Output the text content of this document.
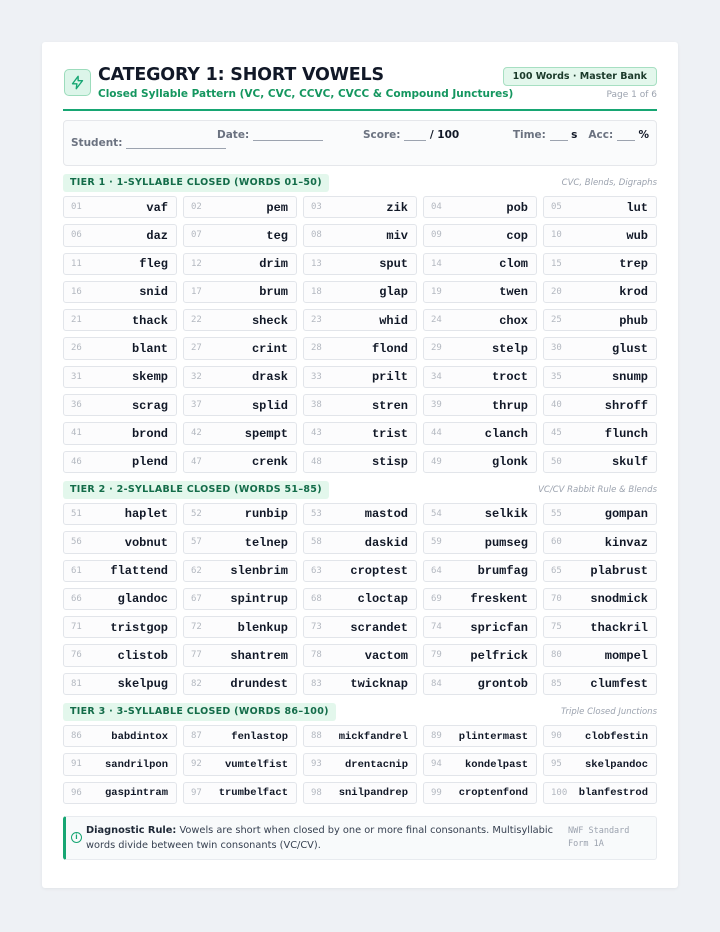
CATEGORY 1: SHORT VOWELS
Closed Syllable Pattern (VC, CVC, CCVC, CVCC & Compound Junctures)
100 Words · Master Bank
Page 1 of 6
Student:
Date:	Score:	/ 100	Time: s Acc: %
TIER 1 · 1-SYLLABLE CLOSED (WORDS 01–50)	CVC, Blends, Digraphs
01	vaf	02	pem	03	zik	04	pob	05	lut
06	daz	07	teg	08	miv	09	cop	10	wub
11	fleg	12	drim	13	sput	14	clom	15	trep
16	snid	17	brum	18	glap	19	twen	20	krod
21	thack	22	sheck	23	whid	24	chox	25	phub
26	blant	27	crint	28	flond	29	stelp	30	glust
31	skemp	32	drask	33	prilt	34	troct	35	snump
36	scrag	37	splid	38	stren	39	thrup	40	shroff
41	brond	42	spempt	43	trist	44	clanch	45	flunch
46	plend	47	crenk	48	stisp	49	glonk	50	skulf
TIER 2 · 2-SYLLABLE CLOSED (WORDS 51–85)	VC/CV Rabbit Rule & Blends
51	haplet	52	runbip	53	mastod	54	selkik	55	gompan
56	vobnut	57	telnep	58	daskid	59	pumseg	60	kinvaz
61 flattend	62 slenbrim	63 croptest	64	brumfag	65 plabrust
66	glandoc	67 spintrup	68	cloctap	69 freskent	70 snodmick
71 tristgop	72	blenkup	73 scrandet	74 spricfan	75 thackril
76	clistob	77 shantrem	78	vactom	79 pelfrick	80	mompel
81	skelpug	82 drundest	83 twicknap	84	grontob	85 clumfest
TIER 3 · 3-SYLLABLE CLOSED (WORDS 86–100)	Triple Closed Junctions
86	babdintox	87	fenlastop	88 mickfandrel	89 plintermast	90 clobfestin
91 sandrilpon	92 vumtelfist	93 drentacnip	94 kondelpast	95 skelpandoc
96 gaspintram	97 trumbelfact	98 snilpandrep	99 croptenfond	100 blanfestrod
i
Diagnostic Rule: Vowels are short when closed by one or more final consonants. Multisyllabic words divide between twin consonants (VC/CV).
NWF Standard
Form 1A
